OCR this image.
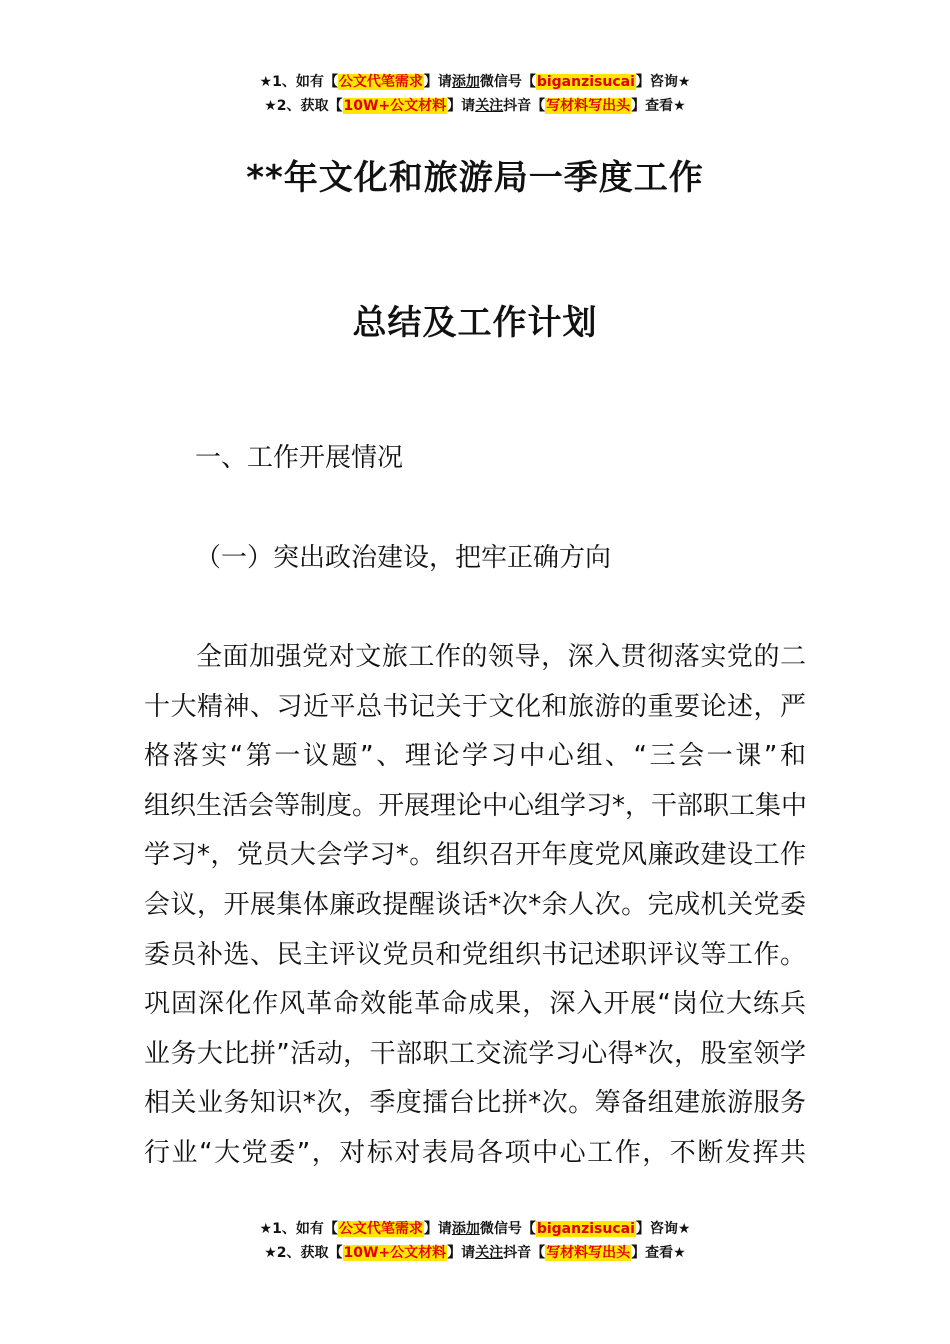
★1、如有【公文代笔需求】请添加微信号【biganzisucai】咨询★
★2、获取【10W+公文材料】请关注抖音【写材料写出头】查看★
**年文化和旅游局一季度工作
总结及工作计划
一、工作开展情况
（一）突出政治建设，把牢正确方向
全面加强党对文旅工作的领导，深入贯彻落实党的二
十大精神、习近平总书记关于文化和旅游的重要论述，严
格落实“第一议题”、理论学习中心组、“三会一课”和
组织生活会等制度。开展理论中心组学习*，干部职工集中
学习*，党员大会学习*。组织召开年度党风廉政建设工作
会议，开展集体廉政提醒谈话*次*余人次。完成机关党委
委员补选、民主评议党员和党组织书记述职评议等工作。
巩固深化作风革命效能革命成果，深入开展“岗位大练兵
业务大比拼”活动，干部职工交流学习心得*次，股室领学
相关业务知识*次，季度擂台比拼*次。筹备组建旅游服务
行业“大党委”，对标对表局各项中心工作，不断发挥共
★1、如有【公文代笔需求】请添加微信号【biganzisucai】咨询★
★2、获取【10W+公文材料】请关注抖音【写材料写出头】查看★
